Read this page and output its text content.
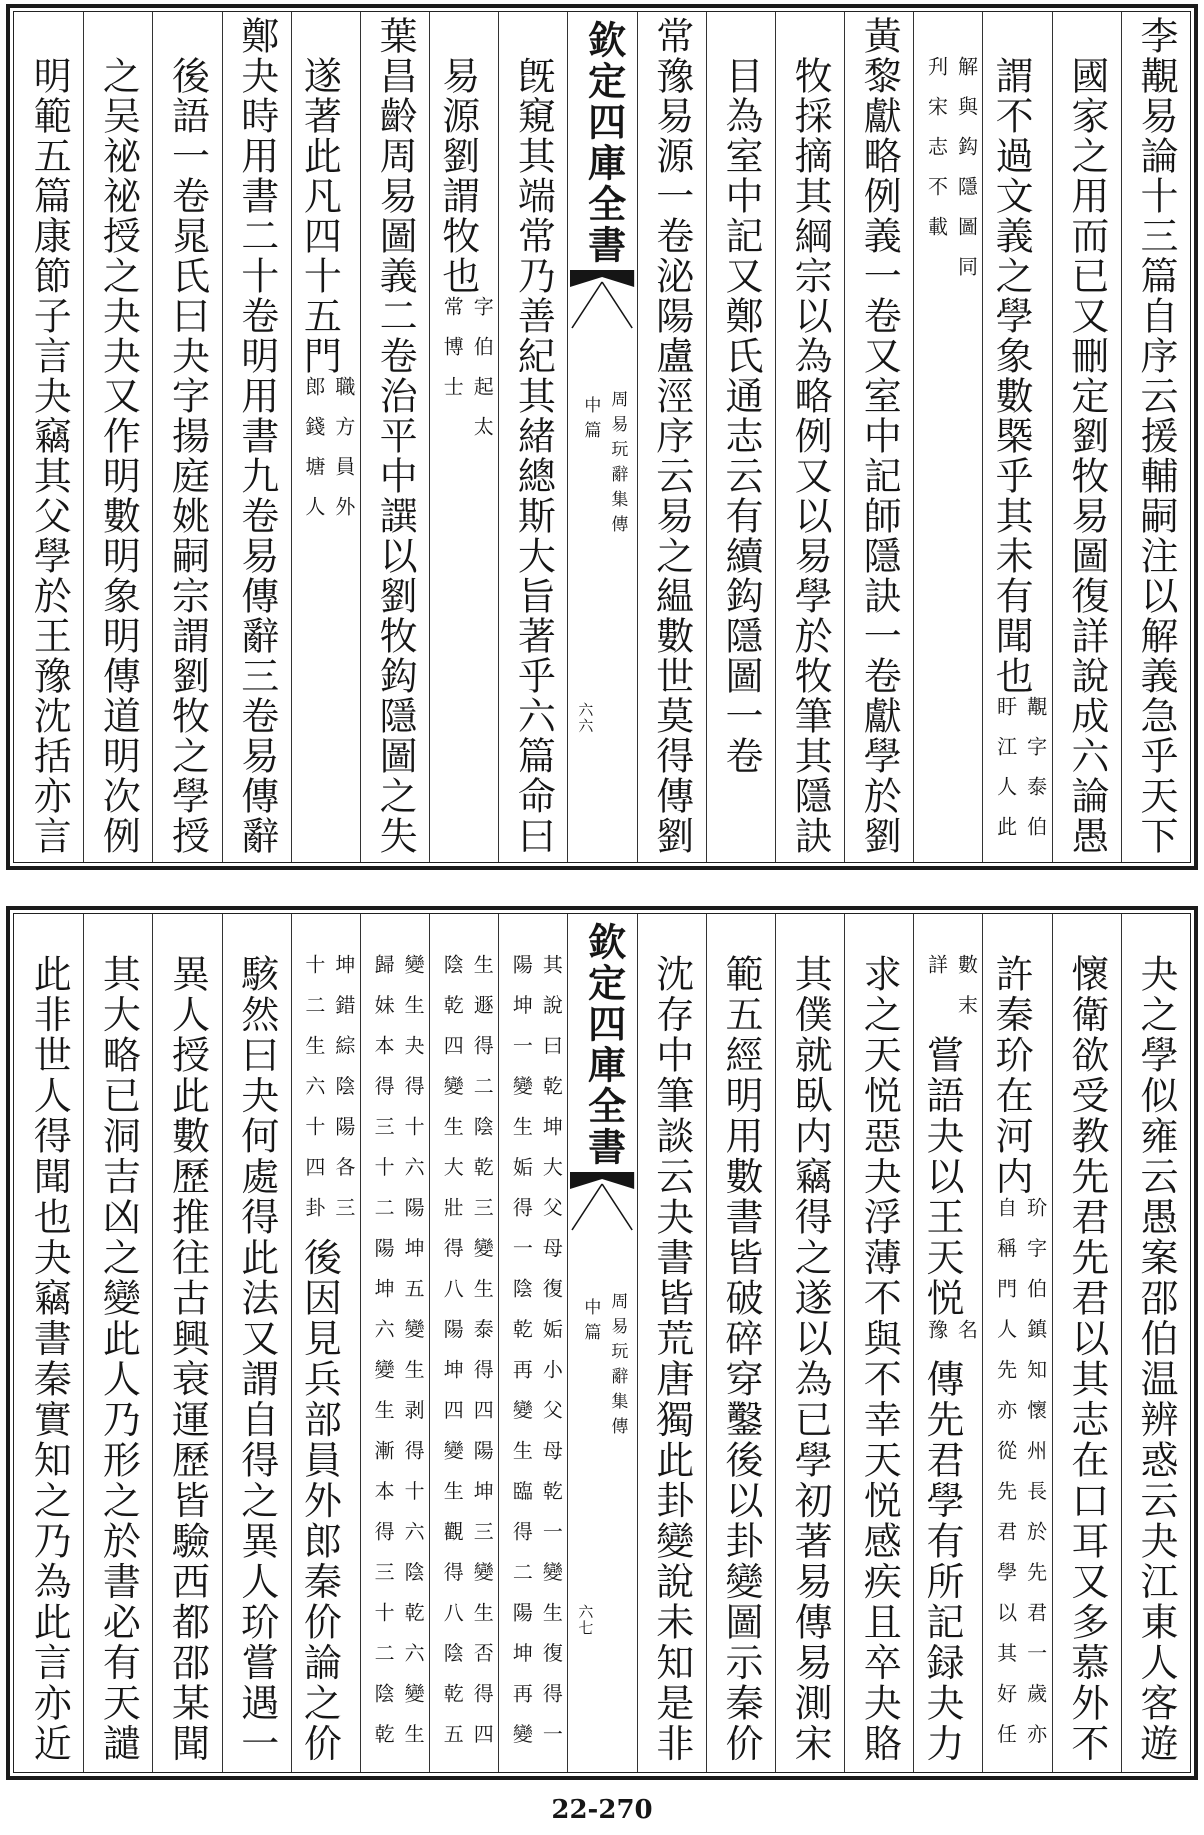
李覯易論十三篇自序云援輔嗣注以解義急乎天下
國家之用而已又刪定劉牧易圖復詳說成六論愚
謂不過文義之學象數槩乎其未有聞也
覯字泰伯
盱江人此
解與鈎隱圖同
刋宋志不載
黃黎獻略例義一卷又室中記師隱訣一卷獻學於劉
牧採摘其綱宗以為略例又以易學於牧筆其隱訣
目為室中記又鄭氏通志云有續鈎隱圖一卷
常豫易源一卷泌陽盧涇序云易之緼數世莫得傳劉
欽定四庫全書
周易玩辭集傳
中篇
六六
旣窺其端常乃善紀其緒總斯大旨著乎六篇命曰
易源劉謂牧也
字伯起太
常博士
葉昌齡周易圖義二卷治平中譔以劉牧鈎隱圖之失
遂著此凡四十五門
職方員外
郎錢塘人
鄭夬時用書二十卷明用書九卷易傳辭三卷易傳辭
後語一卷晁氏曰夬字揚庭姚嗣宗謂劉牧之學授
之吴祕祕授之夬夬又作明數明象明傳道明次例
明範五篇康節子言夬竊其父學於王豫沈括亦言
夬之學似雍云愚案邵伯温辨惑云夬江東人客遊
懷衛欲受教先君先君以其志在口耳又多慕外不
許秦玠在河内
玠字伯鎮知懷州長於先君一歲亦
自稱門人先亦從先君學以其好任
數末
詳
嘗語夬以王天悦
名
豫
傳先君學有所記録夬力
求之天悦惡夬浮薄不與不幸天悦感疾且卒夬賂
其僕就臥内竊得之遂以為已學初著易傳易測宋
範五經明用數書皆破碎穿鑿後以卦變圖示秦价
沈存中筆談云夬書皆荒唐獨此卦變說未知是非
欽定四庫全書
周易玩辭集傳
中篇
六七
其說曰乾坤大父母復姤小父母乾一變生復得一
陽坤一變生姤得一陰乾再變生臨得二陽坤再變
生遯得二陰乾三變生泰得四陽坤三變生否得四
陰乾四變生大壯得八陽坤四變生觀得八陰乾五
變生夬得十六陽坤五變生剥得十六陰乾六變生
歸妹本得三十二陽坤六變生漸本得三十二陰乾
坤錯綜陰陽各三
十二生六十四卦
後因見兵部員外郎秦价論之价
駭然曰夬何處得此法又謂自得之異人玠嘗遇一
異人授此數歷推往古興衰運歷皆驗西都邵某聞
其大略已洞吉凶之變此人乃形之於書必有天譴
此非世人得聞也夬竊書秦實知之乃為此言亦近
22-270
